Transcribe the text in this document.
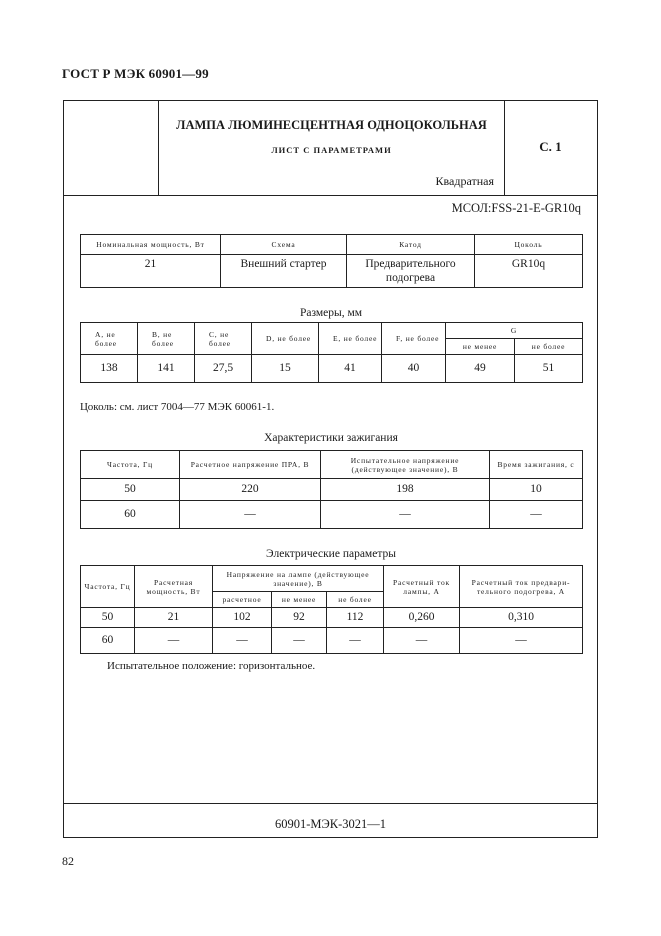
ГОСТ Р МЭК 60901—99
ЛАМПА ЛЮМИНЕСЦЕНТНАЯ ОДНОЦОКОЛЬНАЯ
ЛИСТ С ПАРАМЕТРАМИ
Квадратная
С. 1
МСОЛ:FSS-21-E-GR10q
60901-МЭК-3021—1
Номинальная мощность, Вт	Схема	Катод	Цоколь
21	Внешний стартер	Предварительного подогрева	GR10q
Размеры, мм
A, не более	B, не более	C, не более	D, не более	E, не более	F, не более	G	
						не менее	не более
138	141	27,5	15	41	40	49	51
Цоколь: см. лист 7004—77 МЭК 60061-1.
Характеристики зажигания
Частота, Гц	Расчетное напряжение ПРА, В	Испытательное напряжение (действующее значение), В	Время зажигания, с
50	220	198	10
60	—	—	—
Электрические параметры
Частота, Гц	Расчетная мощность, Вт	Напряжение на лампе (действующее значение), В			Расчетный ток лампы, А	Расчетный ток предвари-тельного подогрева, А
		расчетное	не менее	не более		
50	21	102	92	112	0,260	0,310
60	—	—	—	—	—	—
Испытательное положение: горизонтальное.
82
